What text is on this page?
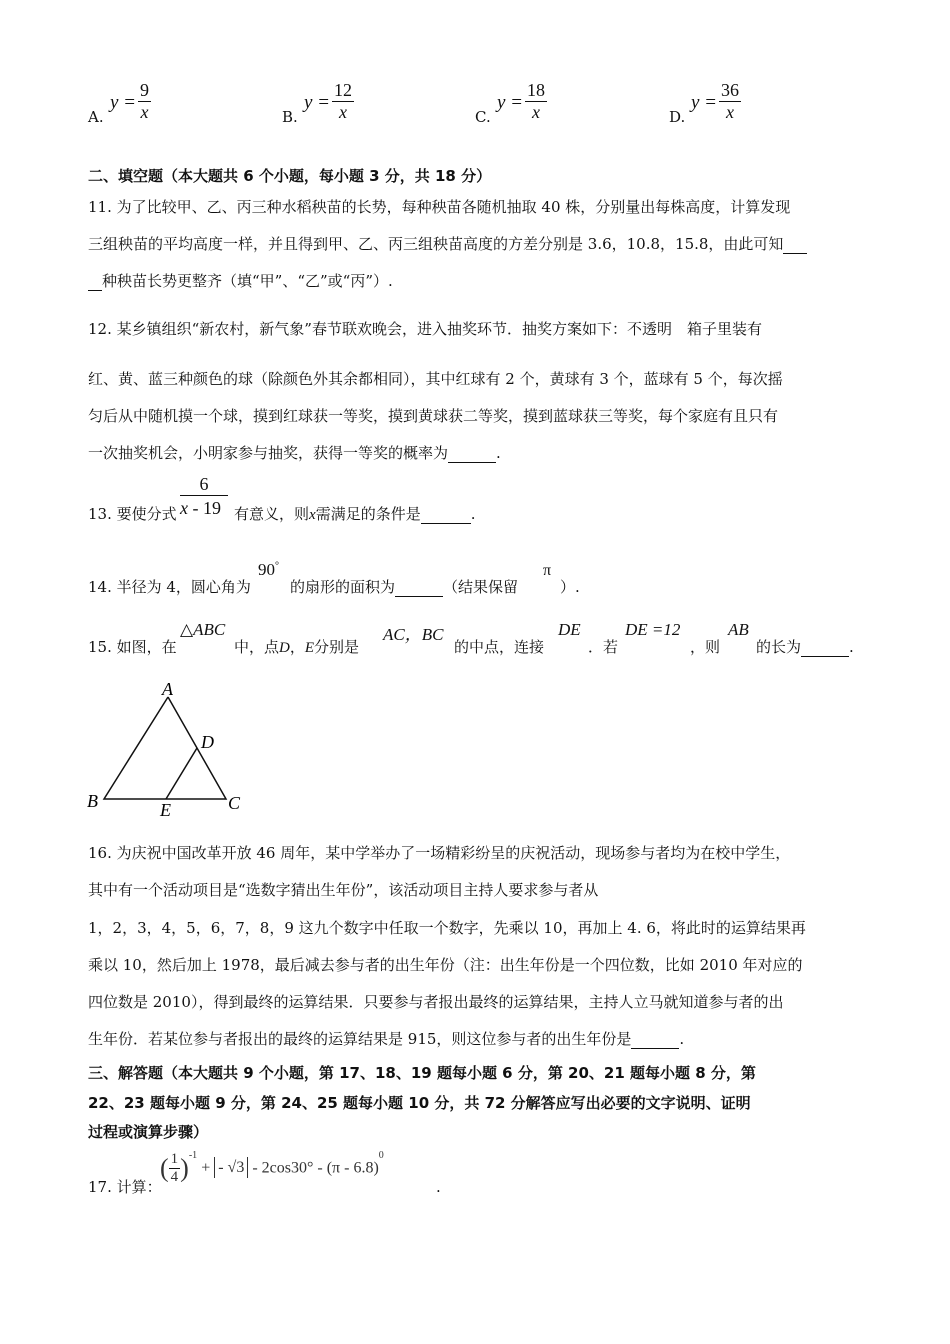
A.
$y = \frac{9}{x}$	B.
$y = \frac{12}{x}$	C.
$y = \frac{18}{x}$	D.
$y = \frac{36}{x}$
二、填空题（本大题共 6 个小题，每小题 3 分，共 18 分）
11. 为了比较甲、乙、丙三种水稻秧苗的长势，每种秧苗各随机抽取 40 株，分别量出每株高度，计算发现
三组秧苗的平均高度一样，并且得到甲、乙、丙三组秧苗高度的方差分别是 3.6，10.8，15.8，由此可知
种秧苗长势更整齐（填“甲”、“乙”或“丙”）.
12. 某乡镇组织“新农村，新气象”春节联欢晚会，进入抽奖环节．抽奖方案如下：不透明　箱子里装有
红、黄、蓝三种颜色的球（除颜色外其余都相同），其中红球有 2 个，黄球有 3 个，蓝球有 5 个，每次摇
匀后从中随机摸一个球，摸到红球获一等奖，摸到黄球获二等奖，摸到蓝球获三等奖，每个家庭有且只有
一次抽奖机会，小明家参与抽奖，获得一等奖的概率为	.
13. 要使分式 $\frac{6}{x - 19}$ 有意义，则x需满足的条件是	.
14. 半径为 4，圆心角为
90°
的扇形的面积为	（结果保留
π
）.
15. 如图，在
△ABC
中，点D，E分别是
AC，BC
的中点，连接
DE
．若
DE =12
，则
AB
的长为	.
A
D
B	E	C
16. 为庆祝中国改革开放 46 周年，某中学举办了一场精彩纷呈的庆祝活动，现场参与者均为在校中学生，
其中有一个活动项目是“选数字猜出生年份”，该活动项目主持人要求参与者从
1，2，3，4，5，6，7，8，9 这九个数字中任取一个数字，先乘以 10，再加上 4. 6，将此时的运算结果再
乘以 10，然后加上 1978，最后减去参与者的出生年份（注：出生年份是一个四位数，比如 2010 年对应的
四位数是 2010），得到最终的运算结果．只要参与者报出最终的运算结果，主持人立马就知道参与者的出
生年份．若某位参与者报出的最终的运算结果是 915，则这位参与者的出生年份是	.
三、解答题（本大题共 9 个小题，第 17、18、19 题每小题 6 分，第 20、21 题每小题 8 分，第
22、23 题每小题 9 分，第 24、25 题每小题 10 分，共 72 分解答应写出必要的文字说明、证明
过程或演算步骤）
17. 计算：
( $\frac{1}{4} )^{-1}$ + - √3 - 2cos30° - (π - 6.8)$^0$
.
